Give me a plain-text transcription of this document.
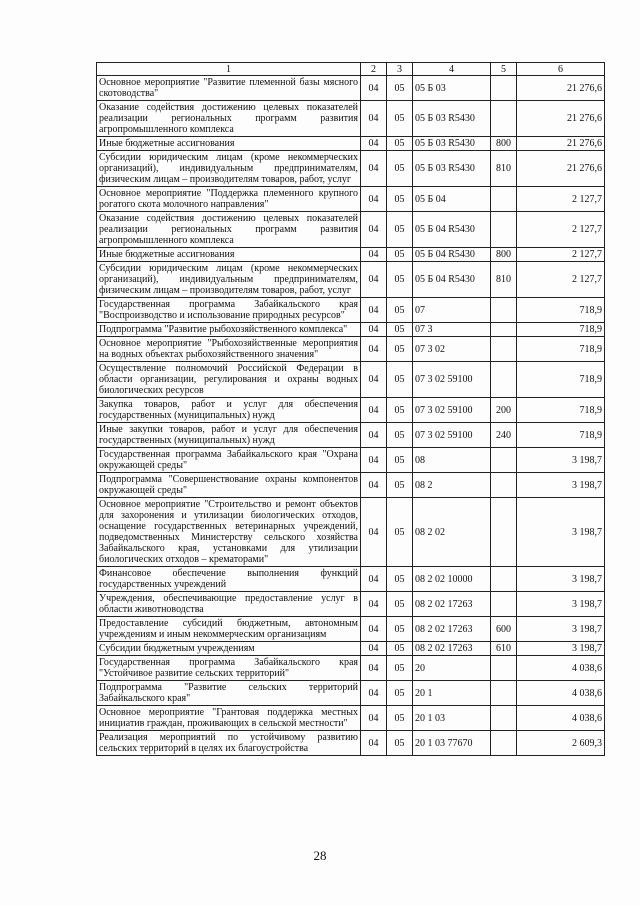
1	2	3	4	5	6
Основное мероприятие "Развитие племенной базы мясного скотоводства"	04	05	05 Б 03		21 276,6
Оказание содействия достижению целевых показателей реализации региональных программ развития агропромышленного комплекса	04	05	05 Б 03 R5430		21 276,6
Иные бюджетные ассигнования	04	05	05 Б 03 R5430	800	21 276,6
Субсидии юридическим лицам (кроме некоммерческих организаций), индивидуальным предпринимателям, физическим лицам – производителям товаров, работ, услуг	04	05	05 Б 03 R5430	810	21 276,6
Основное мероприятие "Поддержка племенного крупного рогатого скота молочного направления"	04	05	05 Б 04		2 127,7
Оказание содействия достижению целевых показателей реализации региональных программ развития агропромышленного комплекса	04	05	05 Б 04 R5430		2 127,7
Иные бюджетные ассигнования	04	05	05 Б 04 R5430	800	2 127,7
Субсидии юридическим лицам (кроме некоммерческих организаций), индивидуальным предпринимателям, физическим лицам – производителям товаров, работ, услуг	04	05	05 Б 04 R5430	810	2 127,7
Государственная программа Забайкальского края "Воспроизводство и использование природных ресурсов"	04	05	07		718,9
Подпрограмма "Развитие рыбохозяйственного комплекса"	04	05	07 3		718,9
Основное мероприятие "Рыбохозяйственные мероприятия на водных объектах рыбохозяйственного значения"	04	05	07 3 02		718,9
Осуществление полномочий Российской Федерации в области организации, регулирования и охраны водных биологических ресурсов	04	05	07 3 02 59100		718,9
Закупка товаров, работ и услуг для обеспечения государственных (муниципальных) нужд	04	05	07 3 02 59100	200	718,9
Иные закупки товаров, работ и услуг для обеспечения государственных (муниципальных) нужд	04	05	07 3 02 59100	240	718,9
Государственная программа Забайкальского края "Охрана окружающей среды"	04	05	08		3 198,7
Подпрограмма "Совершенствование охраны компонентов окружающей среды"	04	05	08 2		3 198,7
Основное мероприятие "Строительство и ремонт объектов для захоронения и утилизации биологических отходов, оснащение государственных ветеринарных учреждений, подведомственных Министерству сельского хозяйства Забайкальского края, установками для утилизации биологических отходов – крематорами"	04	05	08 2 02		3 198,7
Финансовое обеспечение выполнения функций государственных учреждений	04	05	08 2 02 10000		3 198,7
Учреждения, обеспечивающие предоставление услуг в области животноводства	04	05	08 2 02 17263		3 198,7
Предоставление субсидий бюджетным, автономным учреждениям и иным некоммерческим организациям	04	05	08 2 02 17263	600	3 198,7
Субсидии бюджетным учреждениям	04	05	08 2 02 17263	610	3 198,7
Государственная программа Забайкальского края "Устойчивое развитие сельских территорий"	04	05	20		4 038,6
Подпрограмма "Развитие сельских территорий Забайкальского края"	04	05	20 1		4 038,6
Основное мероприятие "Грантовая поддержка местных инициатив граждан, проживающих в сельской местности"	04	05	20 1 03		4 038,6
Реализация мероприятий по устойчивому развитию сельских территорий в целях их благоустройства	04	05	20 1 03 77670		2 609,3
28
